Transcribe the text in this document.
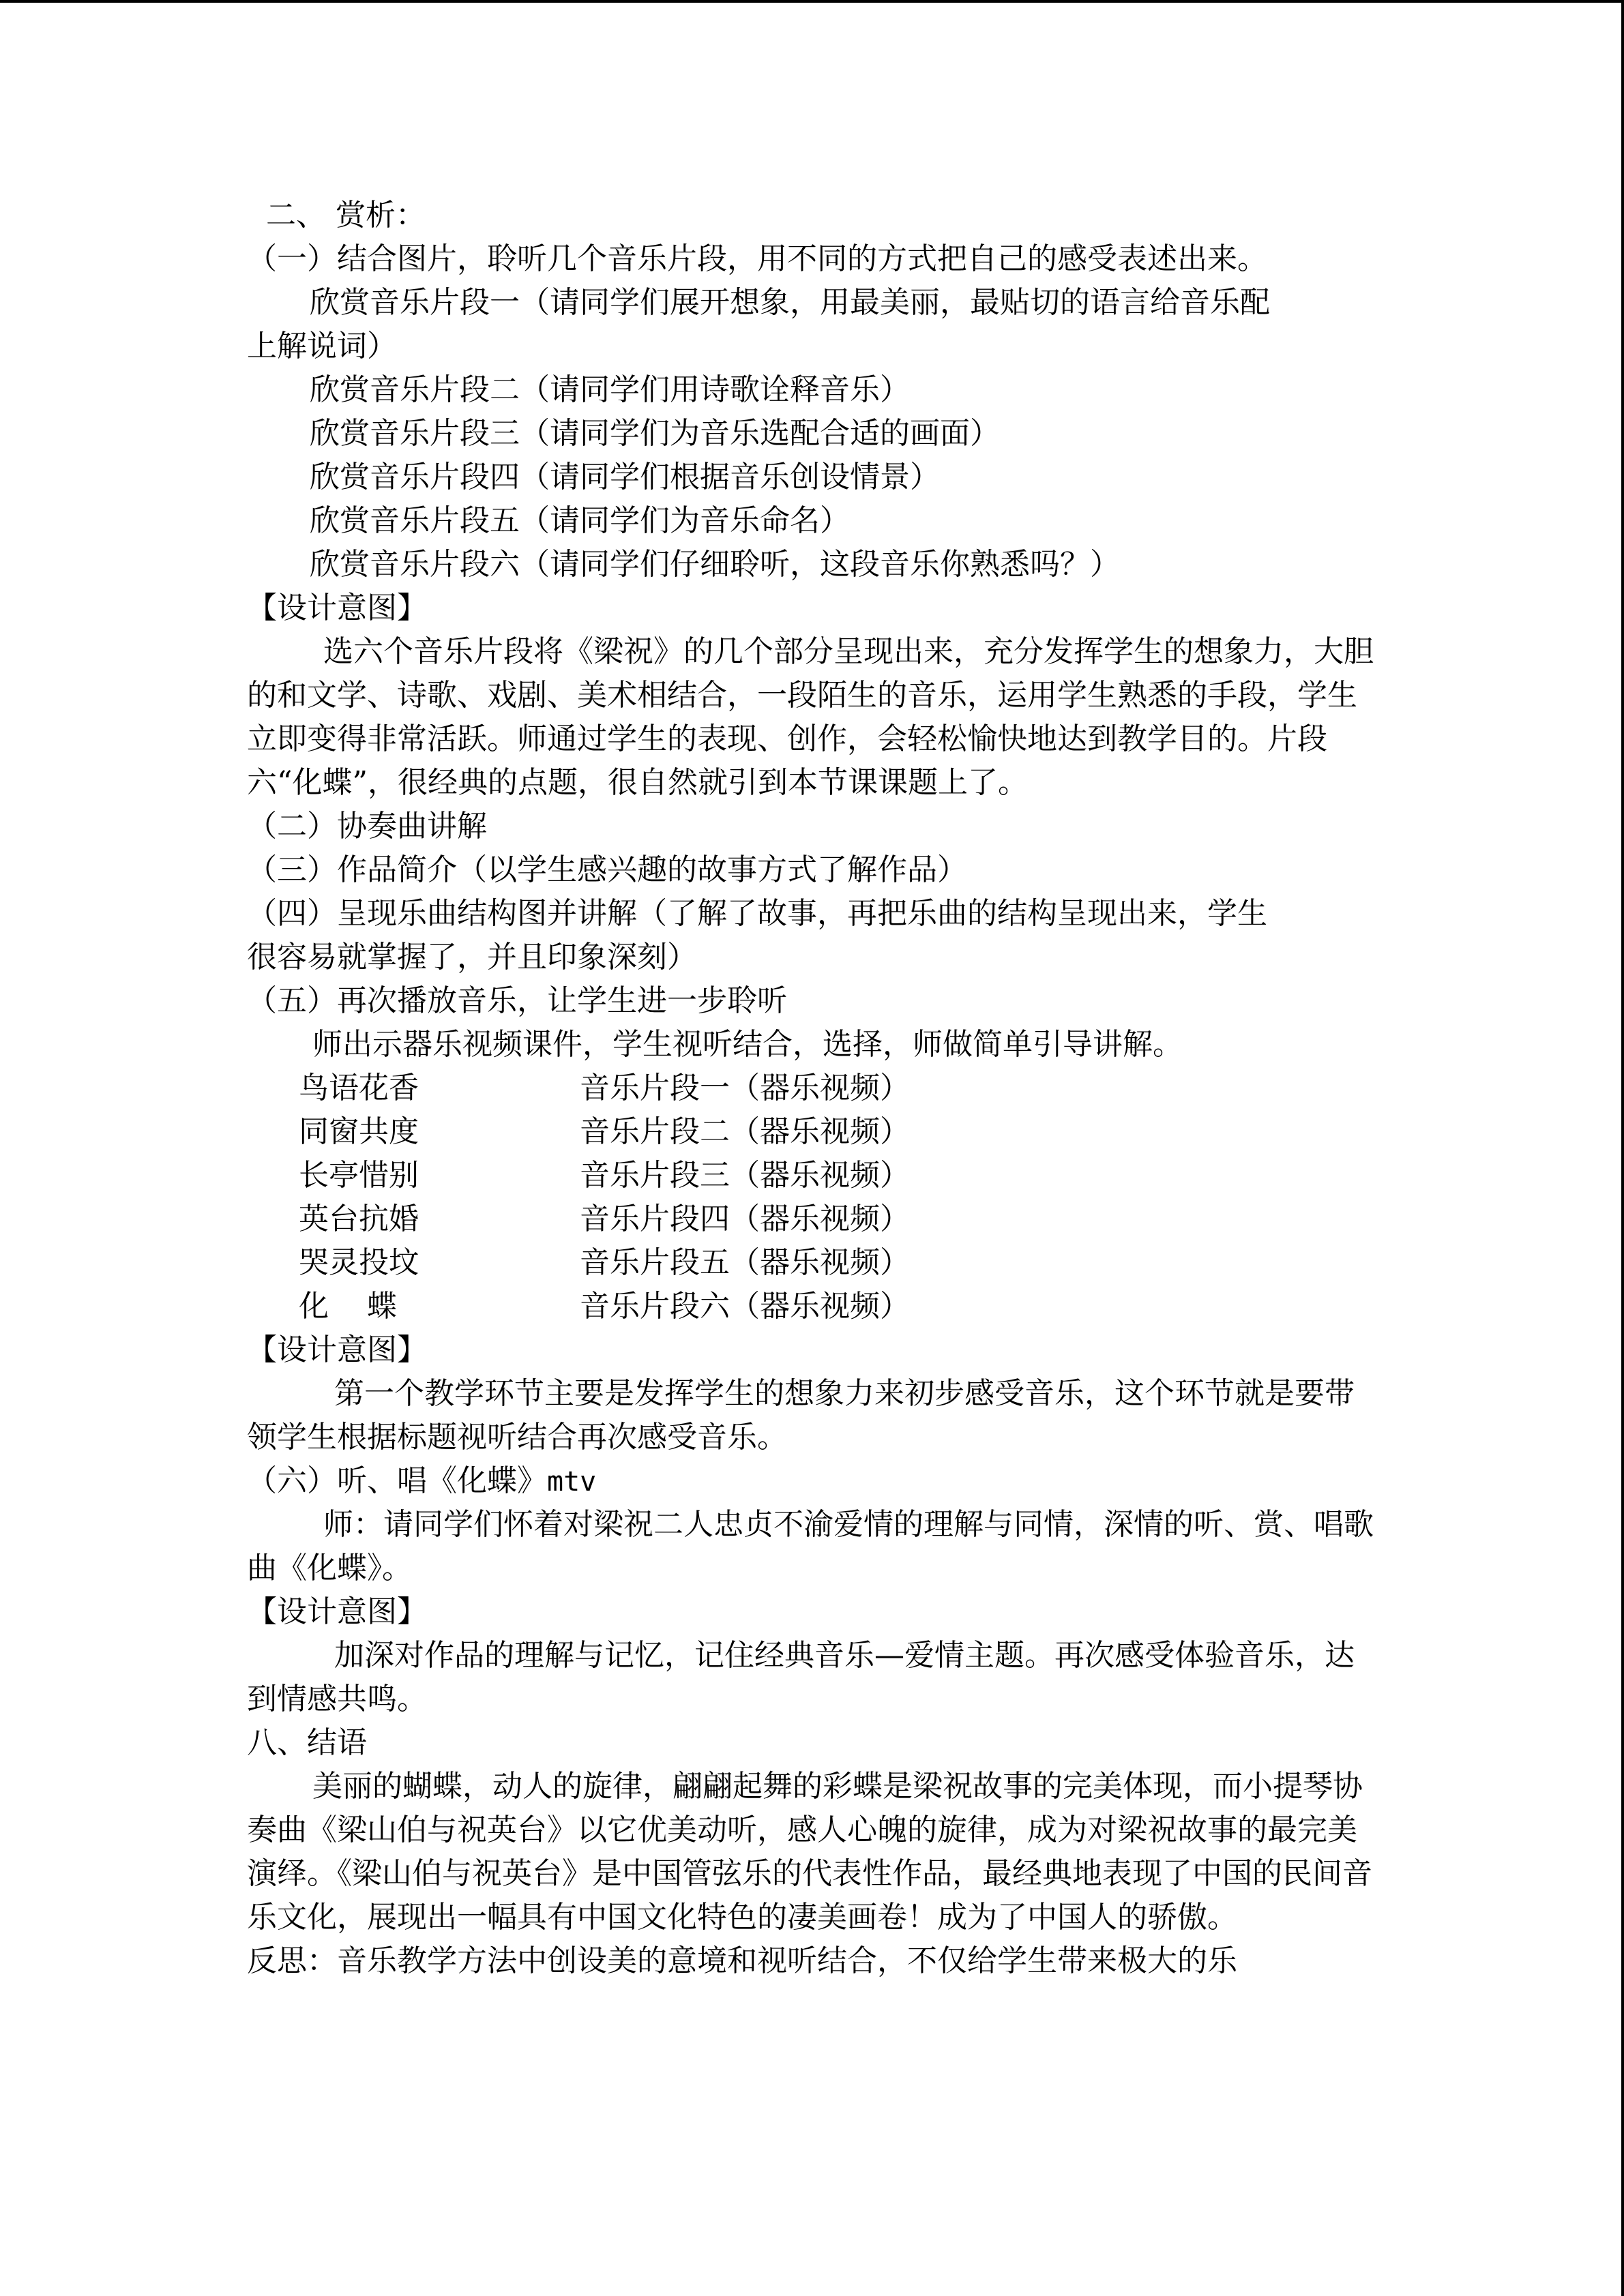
二、 赏析：
（一）结合图片，聆听几个音乐片段，用不同的方式把自己的感受表述出来。
欣赏音乐片段一（请同学们展开想象，用最美丽，最贴切的语言给音乐配
上解说词）
欣赏音乐片段二（请同学们用诗歌诠释音乐）
欣赏音乐片段三（请同学们为音乐选配合适的画面）
欣赏音乐片段四（请同学们根据音乐创设情景）
欣赏音乐片段五（请同学们为音乐命名）
欣赏音乐片段六（请同学们仔细聆听，这段音乐你熟悉吗？）
【设计意图】
选六个音乐片段将《梁祝》的几个部分呈现出来，充分发挥学生的想象力，大胆的和文学、诗歌、戏剧、美术相结合，一段陌生的音乐，运用学生熟悉的手段，学生立即变得非常活跃。师通过学生的表现、创作，会轻松愉快地达到教学目的。片段六“化蝶”，很经典的点题，很自然就引到本节课课题上了。
（二）协奏曲讲解
（三）作品简介（以学生感兴趣的故事方式了解作品）
（四）呈现乐曲结构图并讲解（了解了故事，再把乐曲的结构呈现出来，学生
很容易就掌握了，并且印象深刻）
（五）再次播放音乐，让学生进一步聆听
师出示器乐视频课件，学生视听结合，选择，师做简单引导讲解。
鸟语花香	音乐片段一（器乐视频）
同窗共度	音乐片段二（器乐视频）
长亭惜别	音乐片段三（器乐视频）
英台抗婚	音乐片段四（器乐视频）
哭灵投坟	音乐片段五（器乐视频）
化    蝶	音乐片段六（器乐视频）
【设计意图】
第一个教学环节主要是发挥学生的想象力来初步感受音乐，这个环节就是要带领学生根据标题视听结合再次感受音乐。
（六）听、唱《化蝶》mtv
师：请同学们怀着对梁祝二人忠贞不渝爱情的理解与同情，深情的听、赏、唱歌曲《化蝶》。
【设计意图】
加深对作品的理解与记忆，记住经典音乐—爱情主题。再次感受体验音乐，达到情感共鸣。
八、结语
美丽的蝴蝶，动人的旋律，翩翩起舞的彩蝶是梁祝故事的完美体现，而小提琴协奏曲《梁山伯与祝英台》以它优美动听，感人心魄的旋律，成为对梁祝故事的最完美演绎。《梁山伯与祝英台》是中国管弦乐的代表性作品，最经典地表现了中国的民间音乐文化，展现出一幅具有中国文化特色的凄美画卷！成为了中国人的骄傲。
反思：音乐教学方法中创设美的意境和视听结合，不仅给学生带来极大的乐
